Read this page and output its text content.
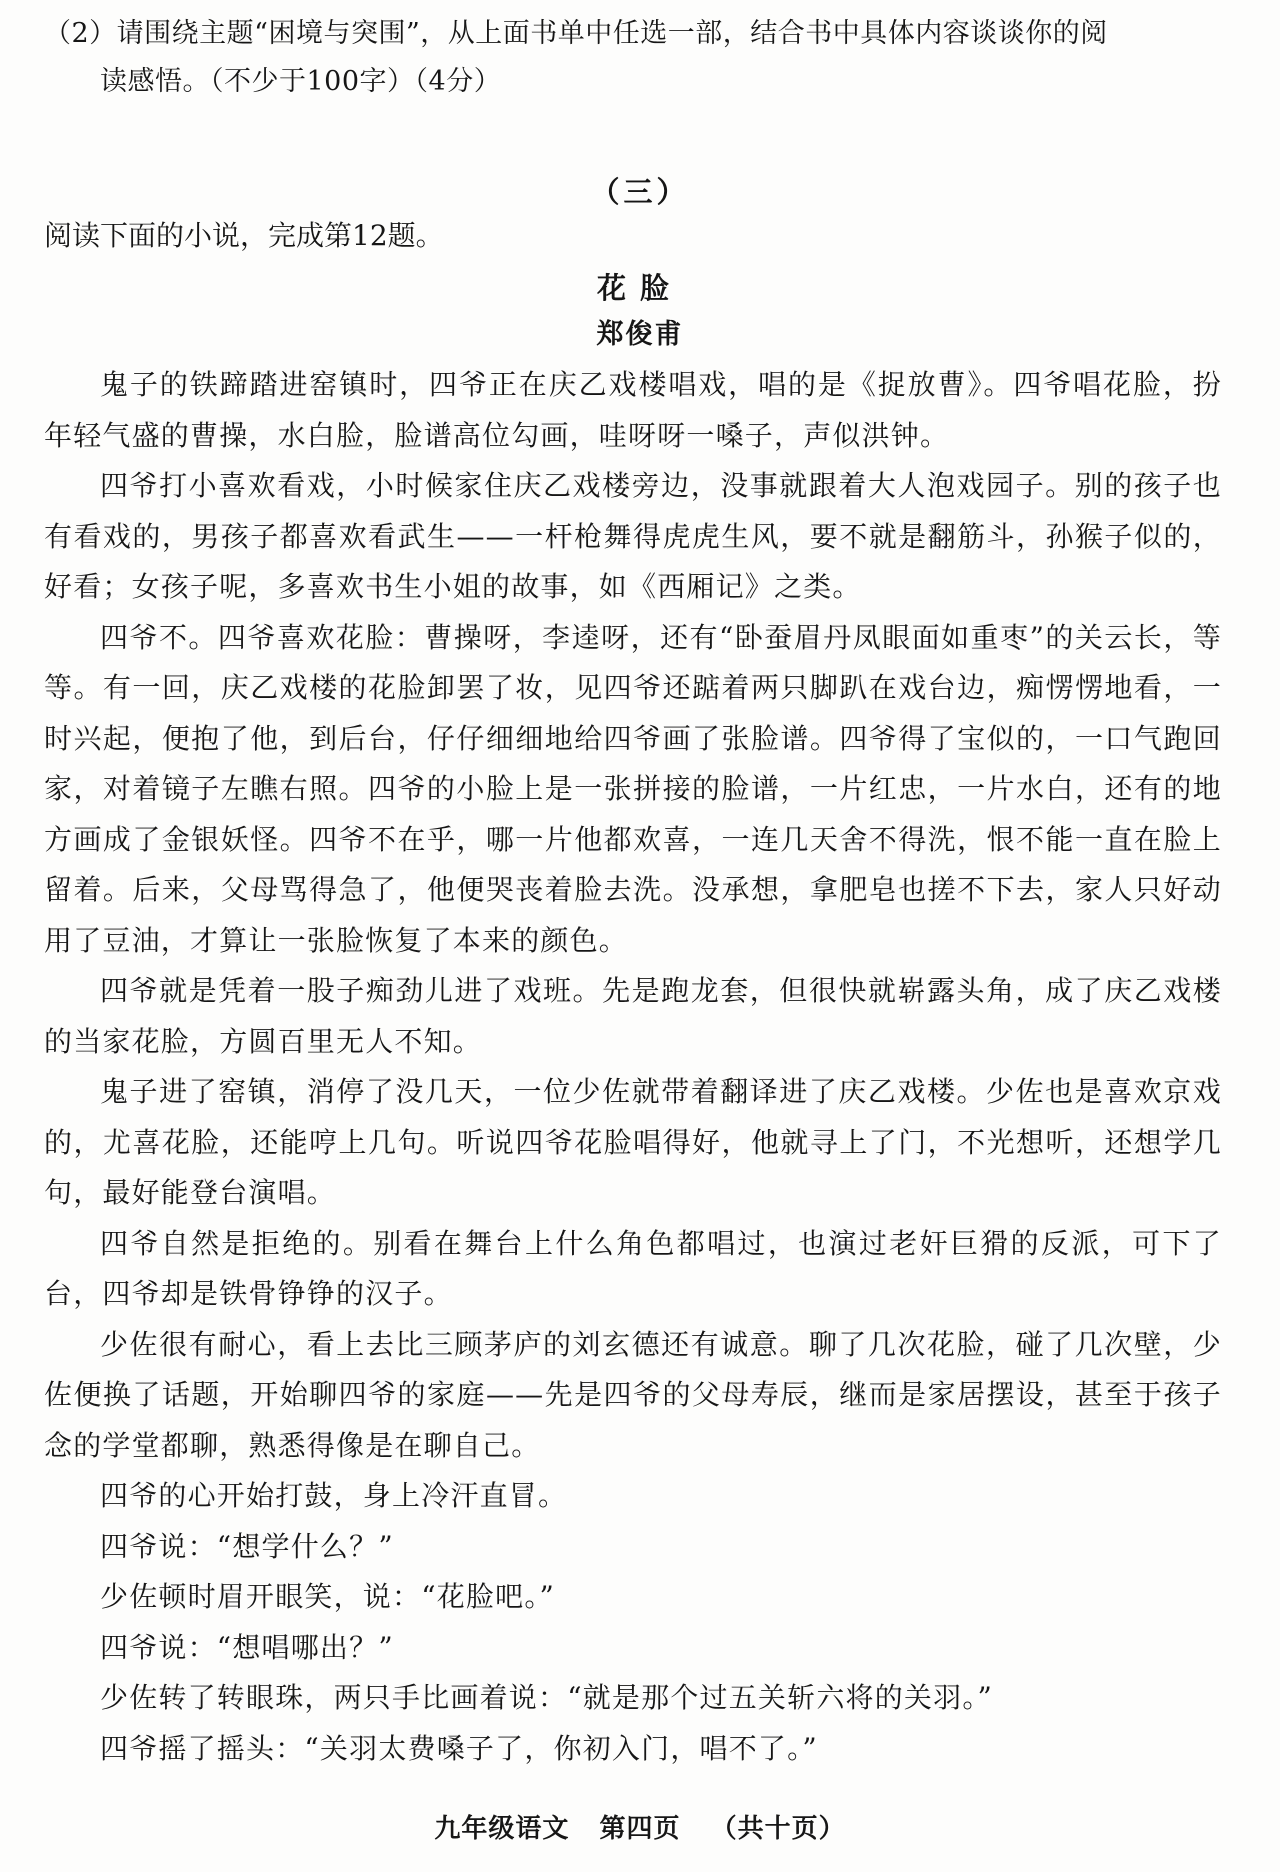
（2）请围绕主题“困境与突围”，从上面书单中任选一部，结合书中具体内容谈谈你的阅
读感悟。（不少于100字）（4分）
（三）
阅读下面的小说，完成第12题。
花脸
郑俊甫

鬼子的铁蹄踏进窑镇时，四爷正在庆乙戏楼唱戏，唱的是《捉放曹》。四爷唱花脸，扮年轻气盛的曹操，水白脸，脸谱高位勾画，哇呀呀一嗓子，声似洪钟。

四爷打小喜欢看戏，小时候家住庆乙戏楼旁边，没事就跟着大人泡戏园子。别的孩子也有看戏的，男孩子都喜欢看武生——一杆枪舞得虎虎生风，要不就是翻筋斗，孙猴子似的，好看；女孩子呢，多喜欢书生小姐的故事，如《西厢记》之类。

四爷不。四爷喜欢花脸：曹操呀，李逵呀，还有“卧蚕眉丹凤眼面如重枣”的关云长，等等。有一回，庆乙戏楼的花脸卸罢了妆，见四爷还踮着两只脚趴在戏台边，痴愣愣地看，一时兴起，便抱了他，到后台，仔仔细细地给四爷画了张脸谱。四爷得了宝似的，一口气跑回家，对着镜子左瞧右照。四爷的小脸上是一张拼接的脸谱，一片红忠，一片水白，还有的地方画成了金银妖怪。四爷不在乎，哪一片他都欢喜，一连几天舍不得洗，恨不能一直在脸上留着。后来，父母骂得急了，他便哭丧着脸去洗。没承想，拿肥皂也搓不下去，家人只好动用了豆油，才算让一张脸恢复了本来的颜色。

四爷就是凭着一股子痴劲儿进了戏班。先是跑龙套，但很快就崭露头角，成了庆乙戏楼的当家花脸，方圆百里无人不知。

鬼子进了窑镇，消停了没几天，一位少佐就带着翻译进了庆乙戏楼。少佐也是喜欢京戏的，尤喜花脸，还能哼上几句。听说四爷花脸唱得好，他就寻上了门，不光想听，还想学几句，最好能登台演唱。

四爷自然是拒绝的。别看在舞台上什么角色都唱过，也演过老奸巨猾的反派，可下了台，四爷却是铁骨铮铮的汉子。

少佐很有耐心，看上去比三顾茅庐的刘玄德还有诚意。聊了几次花脸，碰了几次壁，少佐便换了话题，开始聊四爷的家庭——先是四爷的父母寿辰，继而是家居摆设，甚至于孩子念的学堂都聊，熟悉得像是在聊自己。

四爷的心开始打鼓，身上冷汗直冒。

四爷说：“想学什么？”

少佐顿时眉开眼笑，说：“花脸吧。”

四爷说：“想唱哪出？”

少佐转了转眼珠，两只手比画着说：“就是那个过五关斩六将的关羽。”

四爷摇了摇头：“关羽太费嗓子了，你初入门，唱不了。”

九年级语文   第四页   （共十页）
